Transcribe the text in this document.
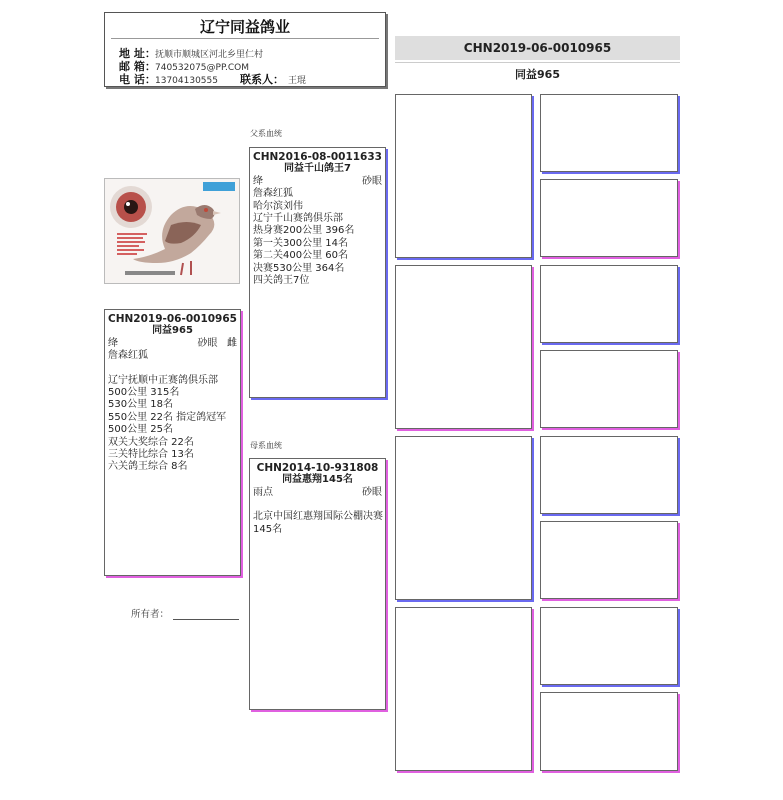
辽宁同益鸽业
地 址：抚顺市顺城区河北乡里仁村
邮 箱：740532075@PP.COM
电 话：13704130555 联系人： 王琨
CHN2019-06-0010965
同益965
CHN2019-06-0010965
同益965
绛	砂眼 雌
詹森红狐
辽宁抚顺中正赛鸽俱乐部
500公里 315名
530公里 18名
550公里 22名 指定鸽冠军
500公里 25名
双关大奖综合 22名
三关特比综合 13名
六关鸽王综合 8名
所有者：
父系血统
CHN2016-08-0011633
同益千山鸽王7
绛	砂眼
詹森红狐
哈尔滨刘伟
辽宁千山赛鸽俱乐部
热身赛200公里 396名
第一关300公里 14名
第二关400公里 60名
决赛530公里 364名
四关鸽王7位
母系血统
CHN2014-10-931808
同益惠翔145名
雨点	砂眼
北京中国红惠翔国际公棚决赛
145名
